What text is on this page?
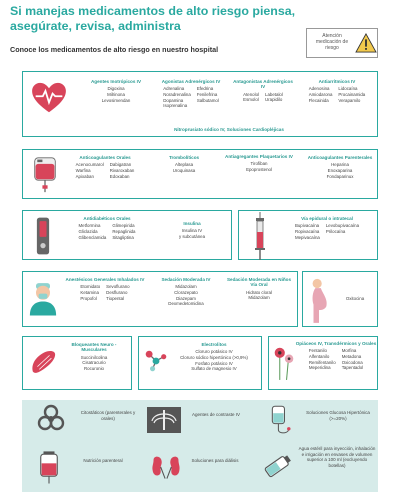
Si manejas medicamentos de alto riesgo piensa, asegúrate, revisa, administra
Conoce los medicamentos de alto riesgo en nuestro hospital
Atención medicación de riesgo
Agentes Inotrópicos IV
Digoxina
Milrinona
Levosimendan
Agonistas Adrenérgicos IV
Adrenalina
Noradrenalina
Dopamina
Isoprenalina
Efedrina
Fenilefrina
Salbutamol
Antagonistas Adrenérgicos IV
Atenolol
Esmolol
Labetalol
Urapidilo
Antiarrítmicos IV
Adenosina
Amiodarona
Flecainida
Lidocaína
Procainamida
Verapamilo
Nitroprusiato sódico IV, Soluciones Cardiopléjicas
Anticoagulantes Orales
Acenocumarol
Warfina
Apixaban
Dabigatran
Rivaroxaban
Edoxaban
Trombolíticos
Alteplasa
Uroquinasa
Antiagregantes Plaquetarios IV
Tirofiban
Epoprostenol
Anticoagulantes Parenterales
Heparina
Enoxaparina
Fondaparinux
Antidiabéticos Orales
Metformina
Gliclazida
Glibenclamida
Glimepirida
Repaglinida
Sitagliptina
Insulina
Insulina IV
y subcutánea
Vía epidural o intratecal
Bupivacaína
Ropivacaína
Mepivacaína
Levobupivacaína
Prilocaína
Anestésicos Generales Inhalados IV
Etomidato
Ketamina
Propofol
Sevoflurano
Desflurano
Tiopental
Sedación Moderada IV
Midazolam
Clorazepato
Diazepam
Dexmedetomidina
Sedación Moderada en Niños Vía Oral
Hidrato cloral
Midazolam	Oxitocina
Bloqueantes Neuro - Musculares
Succinilcolina
Cisatracurio
Rocuronio
Electrolitos
Cloruro potásico IV
Cloruro sódico hipertónico (>0,9%)
Fosfato potásico IV
Sulfato de magnesio IV
Opiáceos IV, Transdérmicos y Orales
Fentanilo
Alfentanilo
Remifentanilo
Meperidina
Morfina
Metadona
Oxicodona
Tapentadol
Citostáticos (parenterales y orales)
Agentes de contraste IV	Soluciones Glucosa Hipertónica (>=20%)
Nutrición parenteral	Soluciones para diálisis
Agua estéril para inyección, inhalación e irrigación en envases de volumen superior a 100 ml (excluyendo botellas)
